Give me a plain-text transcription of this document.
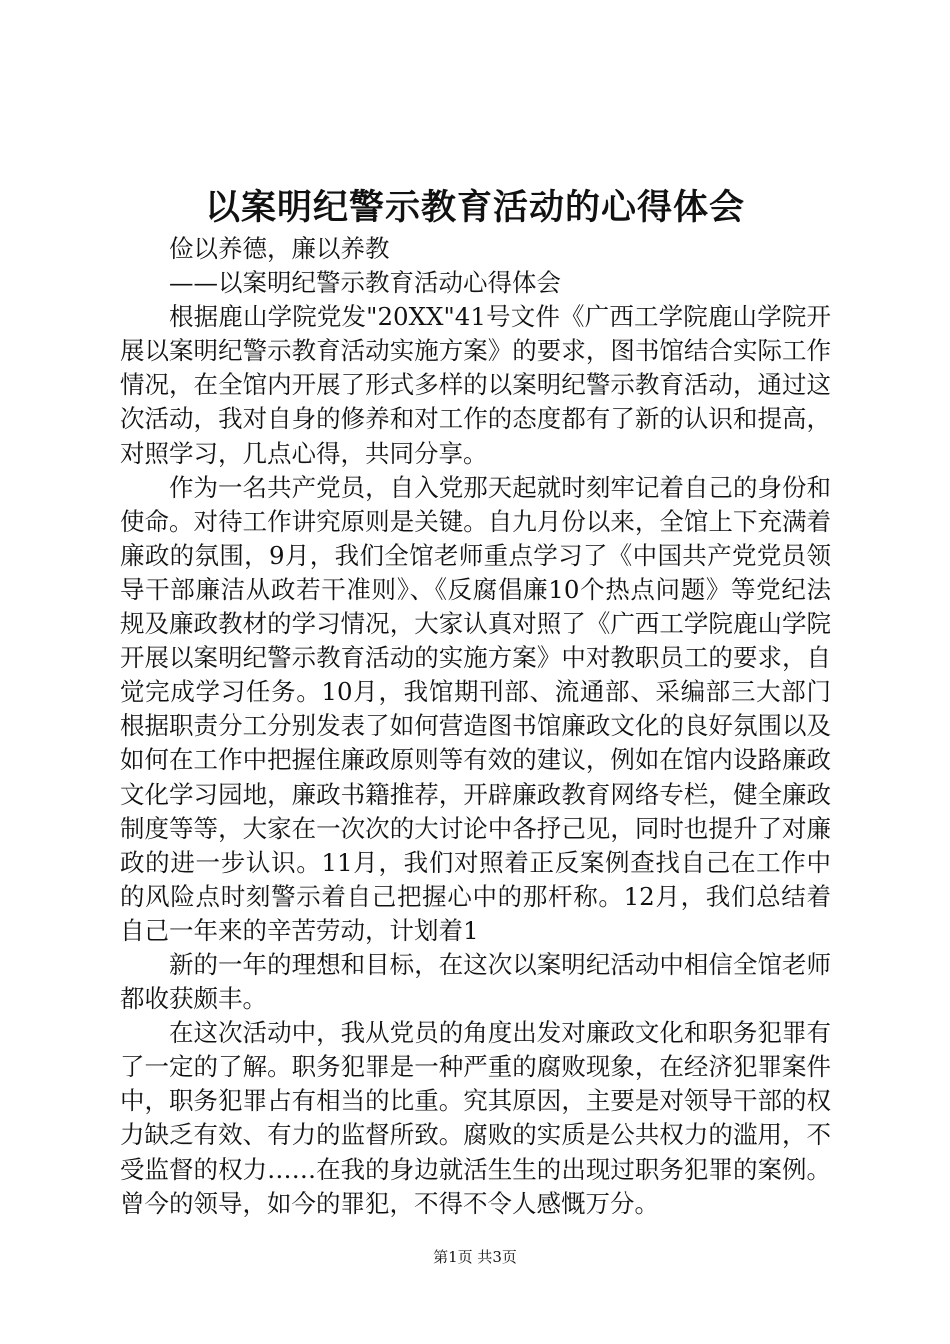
以案明纪警示教育活动的心得体会

俭以养德，廉以养教

——以案明纪警示教育活动心得体会

根据鹿山学院党发"20XX"41号文件《广西工学院鹿山学院开展以案明纪警示教育活动实施方案》的要求，图书馆结合实际工作情况，在全馆内开展了形式多样的以案明纪警示教育活动，通过这次活动，我对自身的修养和对工作的态度都有了新的认识和提高，对照学习，几点心得，共同分享。

作为一名共产党员，自入党那天起就时刻牢记着自己的身份和使命。对待工作讲究原则是关键。自九月份以来，全馆上下充满着廉政的氛围，9月，我们全馆老师重点学习了《中国共产党党员领导干部廉洁从政若干准则》、《反腐倡廉10个热点问题》等党纪法规及廉政教材的学习情况，大家认真对照了《广西工学院鹿山学院开展以案明纪警示教育活动的实施方案》中对教职员工的要求，自觉完成学习任务。10月，我馆期刊部、流通部、采编部三大部门根据职责分工分别发表了如何营造图书馆廉政文化的良好氛围以及如何在工作中把握住廉政原则等有效的建议，例如在馆内设路廉政文化学习园地，廉政书籍推荐，开辟廉政教育网络专栏，健全廉政制度等等，大家在一次次的大讨论中各抒己见，同时也提升了对廉政的进一步认识。11月，我们对照着正反案例查找自己在工作中的风险点时刻警示着自己把握心中的那杆称。12月，我们总结着自己一年来的辛苦劳动，计划着1

新的一年的理想和目标，在这次以案明纪活动中相信全馆老师都收获颇丰。

在这次活动中，我从党员的角度出发对廉政文化和职务犯罪有了一定的了解。职务犯罪是一种严重的腐败现象，在经济犯罪案件中，职务犯罪占有相当的比重。究其原因，主要是对领导干部的权力缺乏有效、有力的监督所致。腐败的实质是公共权力的滥用，不受监督的权力……在我的身边就活生生的出现过职务犯罪的案例。曾今的领导，如今的罪犯，不得不令人感慨万分。

第1页 共3页
